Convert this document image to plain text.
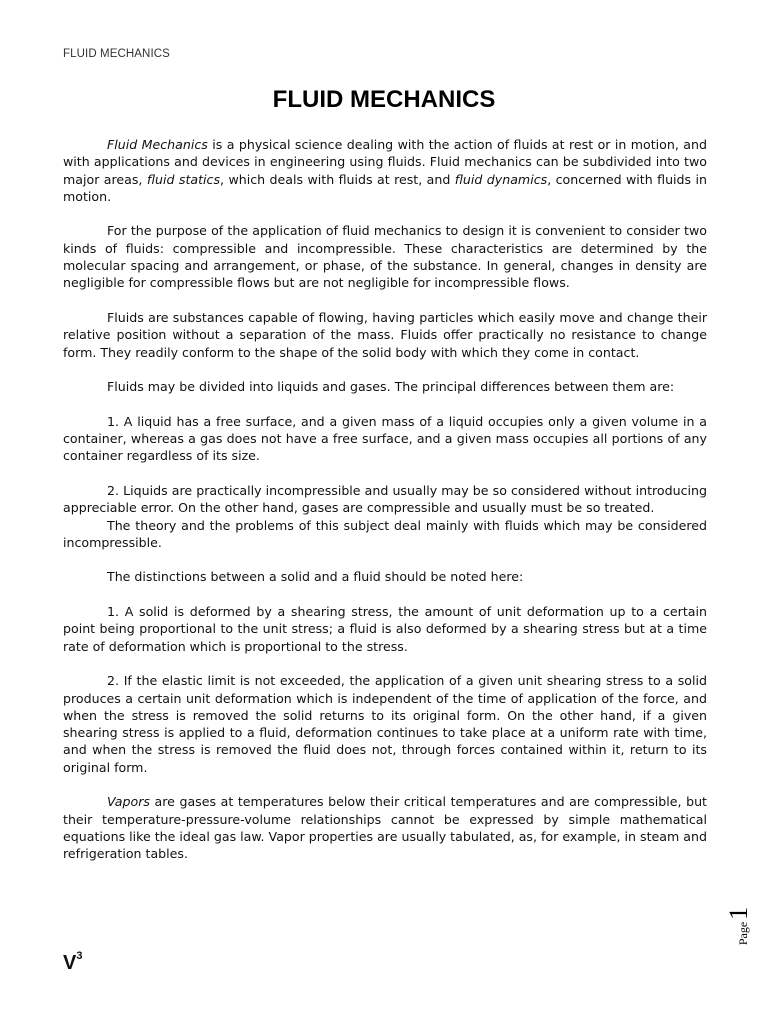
FLUID MECHANICS
FLUID MECHANICS

Fluid Mechanics is a physical science dealing with the action of fluids at rest or in motion, and with applications and devices in engineering using fluids. Fluid mechanics can be subdivided into two major areas, fluid statics, which deals with fluids at rest, and fluid dynamics, concerned with fluids in motion.

For the purpose of the application of fluid mechanics to design it is convenient to consider two kinds of fluids: compressible and incompressible. These characteristics are determined by the molecular spacing and arrangement, or phase, of the substance. In general, changes in density are negligible for compressible flows but are not negligible for incompressible flows.

Fluids are substances capable of flowing, having particles which easily move and change their relative position without a separation of the mass. Fluids offer practically no resistance to change form. They readily conform to the shape of the solid body with which they come in contact.

Fluids may be divided into liquids and gases. The principal differences between them are:

1. A liquid has a free surface, and a given mass of a liquid occupies only a given volume in a container, whereas a gas does not have a free surface, and a given mass occupies all portions of any container regardless of its size.

2. Liquids are practically incompressible and usually may be so considered without introducing appreciable error. On the other hand, gases are compressible and usually must be so treated.

The theory and the problems of this subject deal mainly with fluids which may be considered incompressible.

The distinctions between a solid and a fluid should be noted here:

1. A solid is deformed by a shearing stress, the amount of unit deformation up to a certain point being proportional to the unit stress; a fluid is also deformed by a shearing stress but at a time rate of deformation which is proportional to the stress.

2. If the elastic limit is not exceeded, the application of a given unit shearing stress to a solid produces a certain unit deformation which is independent of the time of application of the force, and when the stress is removed the solid returns to its original form. On the other hand, if a given shearing stress is applied to a fluid, deformation continues to take place at a uniform rate with time, and when the stress is removed the fluid does not, through forces contained within it, return to its original form.

Vapors are gases at temperatures below their critical temperatures and are compressible, but their temperature-pressure-volume relationships cannot be expressed by simple mathematical equations like the ideal gas law. Vapor properties are usually tabulated, as, for example, in steam and refrigeration tables.

Page1
$V^3$
